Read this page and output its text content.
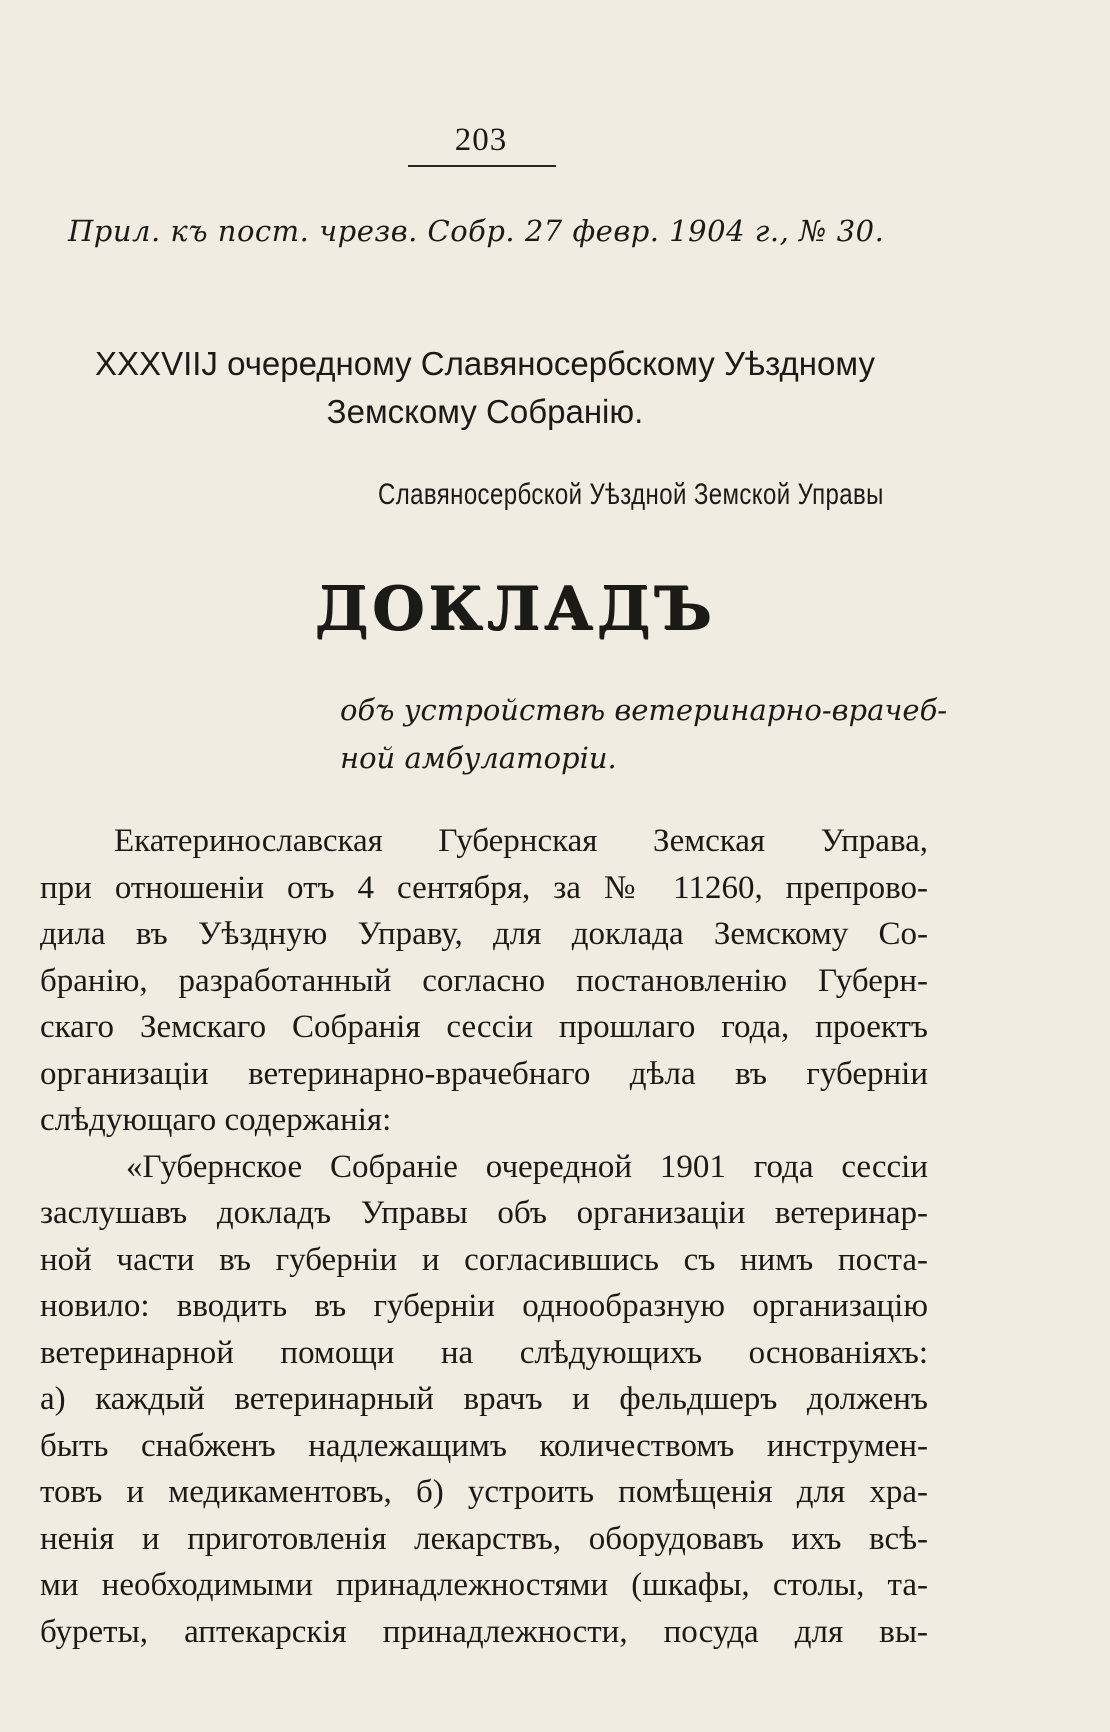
203
Прил. къ пост. чрезв. Собр. 27 февр. 1904 г., № 30.
XXXVIIJ очередному Славяносербскому Уѣздному
Земскому Собранію.
Славяносербской Уѣздной Земской Управы
ДОКЛАДЪ
объ устройствѣ ветеринарно-врачеб-
ной амбулаторіи.
Екатеринославская Губернская Земская Управа,
при отношеніи отъ 4 сентября, за № 11260, препрово-
дила въ Уѣздную Управу, для доклада Земскому Со-
бранію, разработанный согласно постановленію Губерн-
скаго Земскаго Собранія сессіи прошлаго года, проектъ
организаціи ветеринарно-врачебнаго дѣла въ губерніи
слѣдующаго содержанія:
«Губернское Собраніе очередной 1901 года сессіи
заслушавъ докладъ Управы объ организаціи ветеринар-
ной части въ губерніи и согласившись съ нимъ поста-
новило: вводить въ губерніи однообразную организацію
ветеринарной помощи на слѣдующихъ основаніяхъ:
а) каждый ветеринарный врачъ и фельдшеръ долженъ
быть снабженъ надлежащимъ количествомъ инструмен-
товъ и медикаментовъ, б) устроить помѣщенія для хра-
ненія и приготовленія лекарствъ, оборудовавъ ихъ всѣ-
ми необходимыми принадлежностями (шкафы, столы, та-
буреты, аптекарскія принадлежности, посуда для вы-
